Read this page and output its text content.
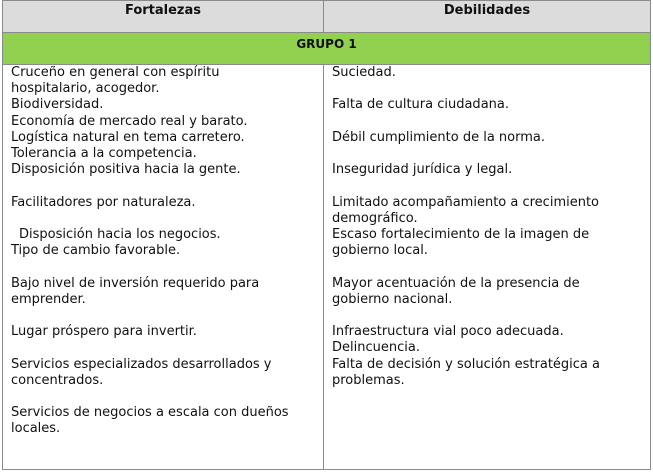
Fortalezas	Debilidades
GRUPO 1

Cruceño en general con espíritu hospitalario, acogedor.

Biodiversidad.

Economía de mercado real y barato.

Logística natural en tema carretero.

Tolerancia a la competencia.

Disposición positiva hacia la gente.

Facilitadores por naturaleza.

Disposición hacia los negocios.

Tipo de cambio favorable.

Bajo nivel de inversión requerido para emprender.

Lugar próspero para invertir.

Servicios especializados desarrollados y concentrados.

Servicios de negocios a escala con dueños locales.

Suciedad.

Falta de cultura ciudadana.

Débil cumplimiento de la norma.

Inseguridad jurídica y legal.

Limitado acompañamiento a crecimiento demográfico.

Escaso fortalecimiento de la imagen de gobierno local.

Mayor acentuación de la presencia de gobierno nacional.

Infraestructura vial poco adecuada.

Delincuencia.

Falta de decisión y solución estratégica a problemas.
